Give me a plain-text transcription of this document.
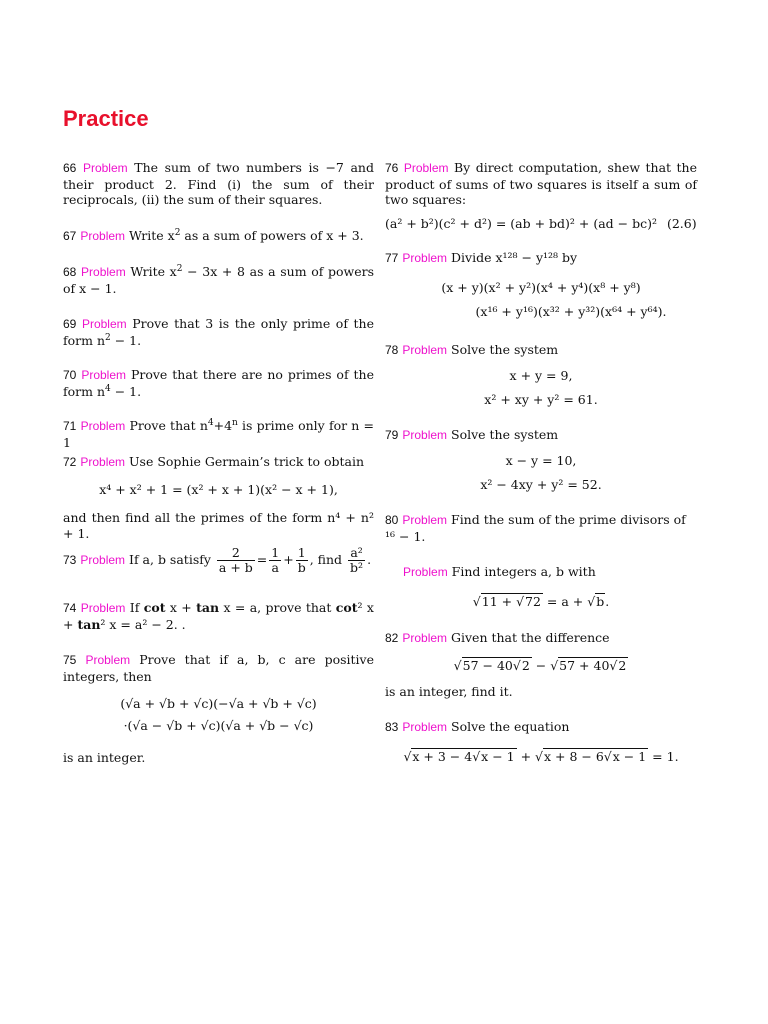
Practice
66 Problem The sum of two numbers is −7 and their product 2. Find (i) the sum of their reciprocals, (ii) the sum of their squares.
67 Problem Write $x^2$ as a sum of powers of x + 3.
68 Problem Write $x^2 - 3x + 8$ as a sum of powers of x − 1.
69 Problem Prove that 3 is the only prime of the form $n^2 - 1$.
70 Problem Prove that there are no primes of the form $n^4 - 1$.
71 Problem Prove that $n^4+4^n$ is prime only for n = 1
72 Problem Use Sophie Germain’s trick to obtain
x⁴ + x² + 1 = (x² + x + 1)(x² − x + 1),
and then find all the primes of the form n⁴ + n² + 1.
73 Problem If a, b satisfy $\frac{2}{a + b} = \frac{1}{a} + \frac{1}{b}$ , find $\frac{\text{a²}}{\text{b²}}$ .
74 Problem If cot x + tan x = a, prove that cot² x + tan² x = a² − 2. .
75 Problem Prove that if a, b, c are positive integers, then
(√a + √b + √c)(−√a + √b + √c)
·(√a − √b + √c)(√a + √b − √c)
is an integer.
76 Problem By direct computation, shew that the product of sums of two squares is itself a sum of two squares:
(a² + b²)(c² + d²) = (ab + bd)² + (ad − bc)² (2.6)
77 Problem Divide x¹²⁸ − y¹²⁸ by
(x + y)(x² + y²)(x⁴ + y⁴)(x⁸ + y⁸)
(x¹⁶ + y¹⁶)(x³² + y³²)(x⁶⁴ + y⁶⁴).
78 Problem Solve the system
x + y = 9,
x² + xy + y² = 61.
79 Problem Solve the system
x − y = 10,
x² − 4xy + y² = 52.
80 Problem Find the sum of the prime divisors of
¹⁶ − 1.
Problem Find integers a, b with
√11 + √72 = a + √b.
82 Problem Given that the difference
√57 − 40√2 − √57 + 40√2
is an integer, find it.
83 Problem Solve the equation
√x + 3 − 4√x − 1 + √x + 8 − 6√x − 1 = 1.
